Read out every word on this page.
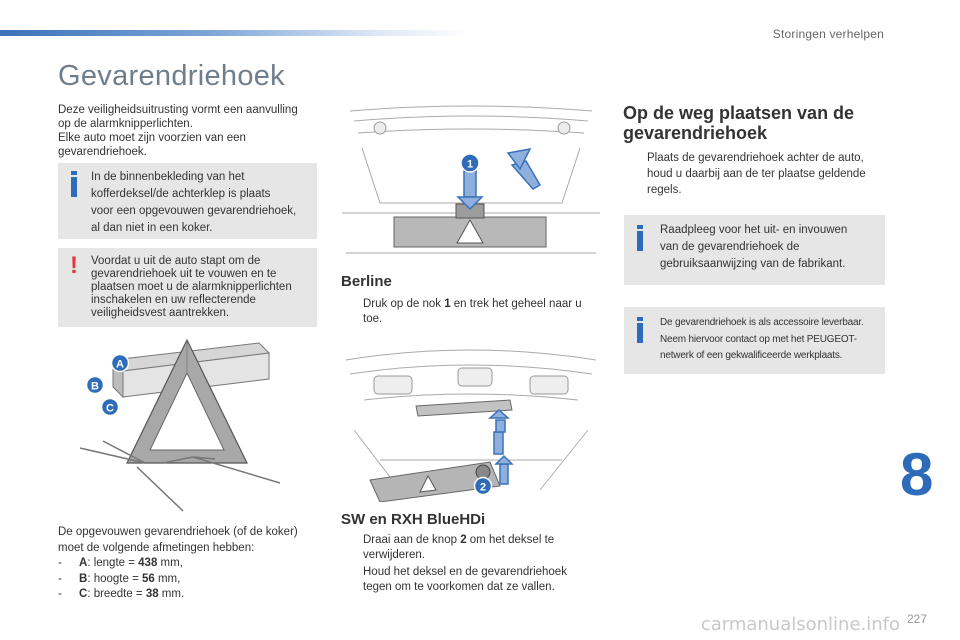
Storingen verhelpen
Gevarendriehoek
Deze veiligheidsuitrusting vormt een aanvulling
op de alarmknipperlichten.
Elke auto moet zijn voorzien van een
gevarendriehoek.
In de binnenbekleding van het
kofferdeksel/de achterklep is plaats
voor een opgevouwen gevarendriehoek,
al dan niet in een koker.
! Voordat u uit de auto stapt om de
gevarendriehoek uit te vouwen en te
plaatsen moet u de alarmknipperlichten
inschakelen en uw reflecterende
veiligheidsvest aantrekken.
A
B
C
De opgevouwen gevarendriehoek (of de koker)
moet de volgende afmetingen hebben:
- A: lengte = 438 mm,
- B: hoogte = 56 mm,
- C: breedte = 38 mm.
1
Berline
Druk op de nok 1 en trek het geheel naar u
toe.
2
SW en RXH BlueHDi
Draai aan de knop 2 om het deksel te
verwijderen.
Houd het deksel en de gevarendriehoek
tegen om te voorkomen dat ze vallen.
Op de weg plaatsen van de
gevarendriehoek
Plaats de gevarendriehoek achter de auto,
houd u daarbij aan de ter plaatse geldende
regels.
Raadpleeg voor het uit- en invouwen
van de gevarendriehoek de
gebruiksaanwijzing van de fabrikant.
De gevarendriehoek is als accessoire leverbaar.
Neem hiervoor contact op met het PEUGEOT-
netwerk of een gekwalificeerde werkplaats.
8
227
carmanualsonline.info
